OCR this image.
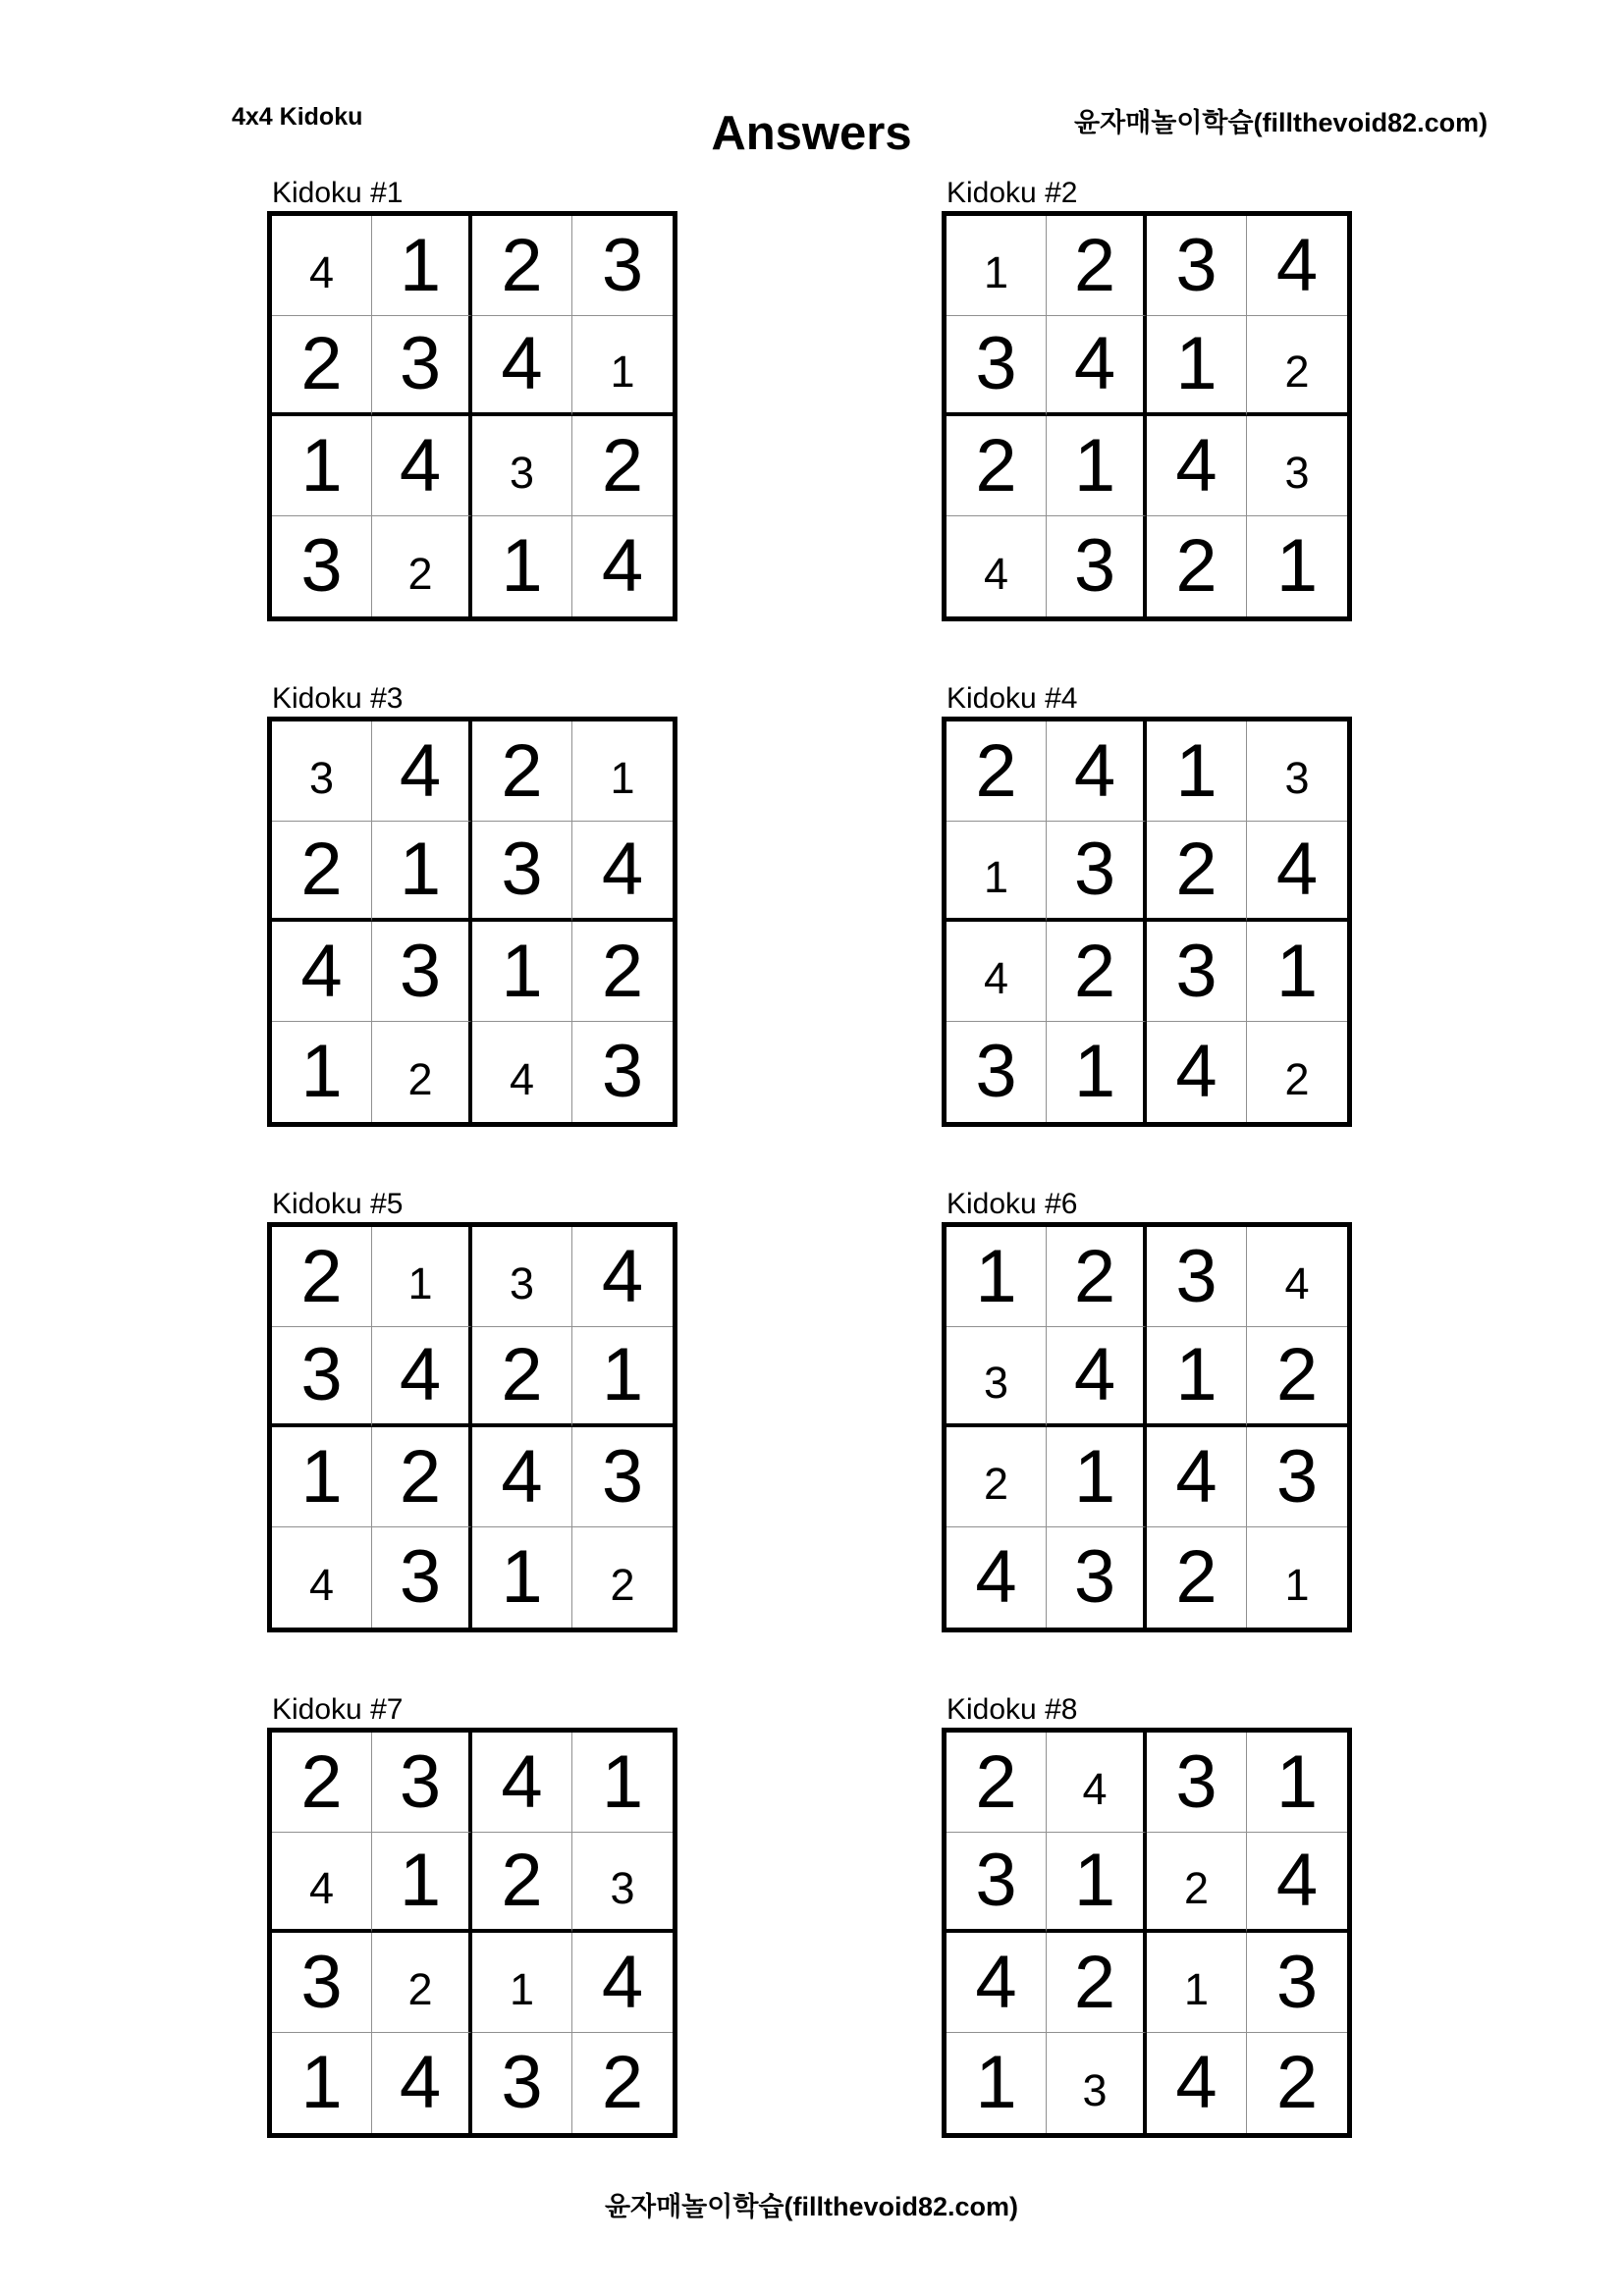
4x4 Kidoku	Answers	윤자매놀이학습(fillthevoid82.com)
Kidoku #1
4 1 2 3
2 3 4 1
1 4 3 2
3 2 1 4
Kidoku #2
1 2 3 4
3 4 1 2
2 1 4 3
4 3 2 1
Kidoku #3
3 4 2 1
2 1 3 4
4 3 1 2
1 2 4 3
Kidoku #4
2 4 1 3
1 3 2 4
4 2 3 1
3 1 4 2
Kidoku #5
2 1 3 4
3 4 2 1
1 2 4 3
4 3 1 2
Kidoku #6
1 2 3 4
3 4 1 2
2 1 4 3
4 3 2 1
Kidoku #7
2 3 4 1
4 1 2 3
3 2 1 4
1 4 3 2
Kidoku #8
2 4 3 1
3 1 2 4
4 2 1 3
1 3 4 2
윤자매놀이학습(fillthevoid82.com)
